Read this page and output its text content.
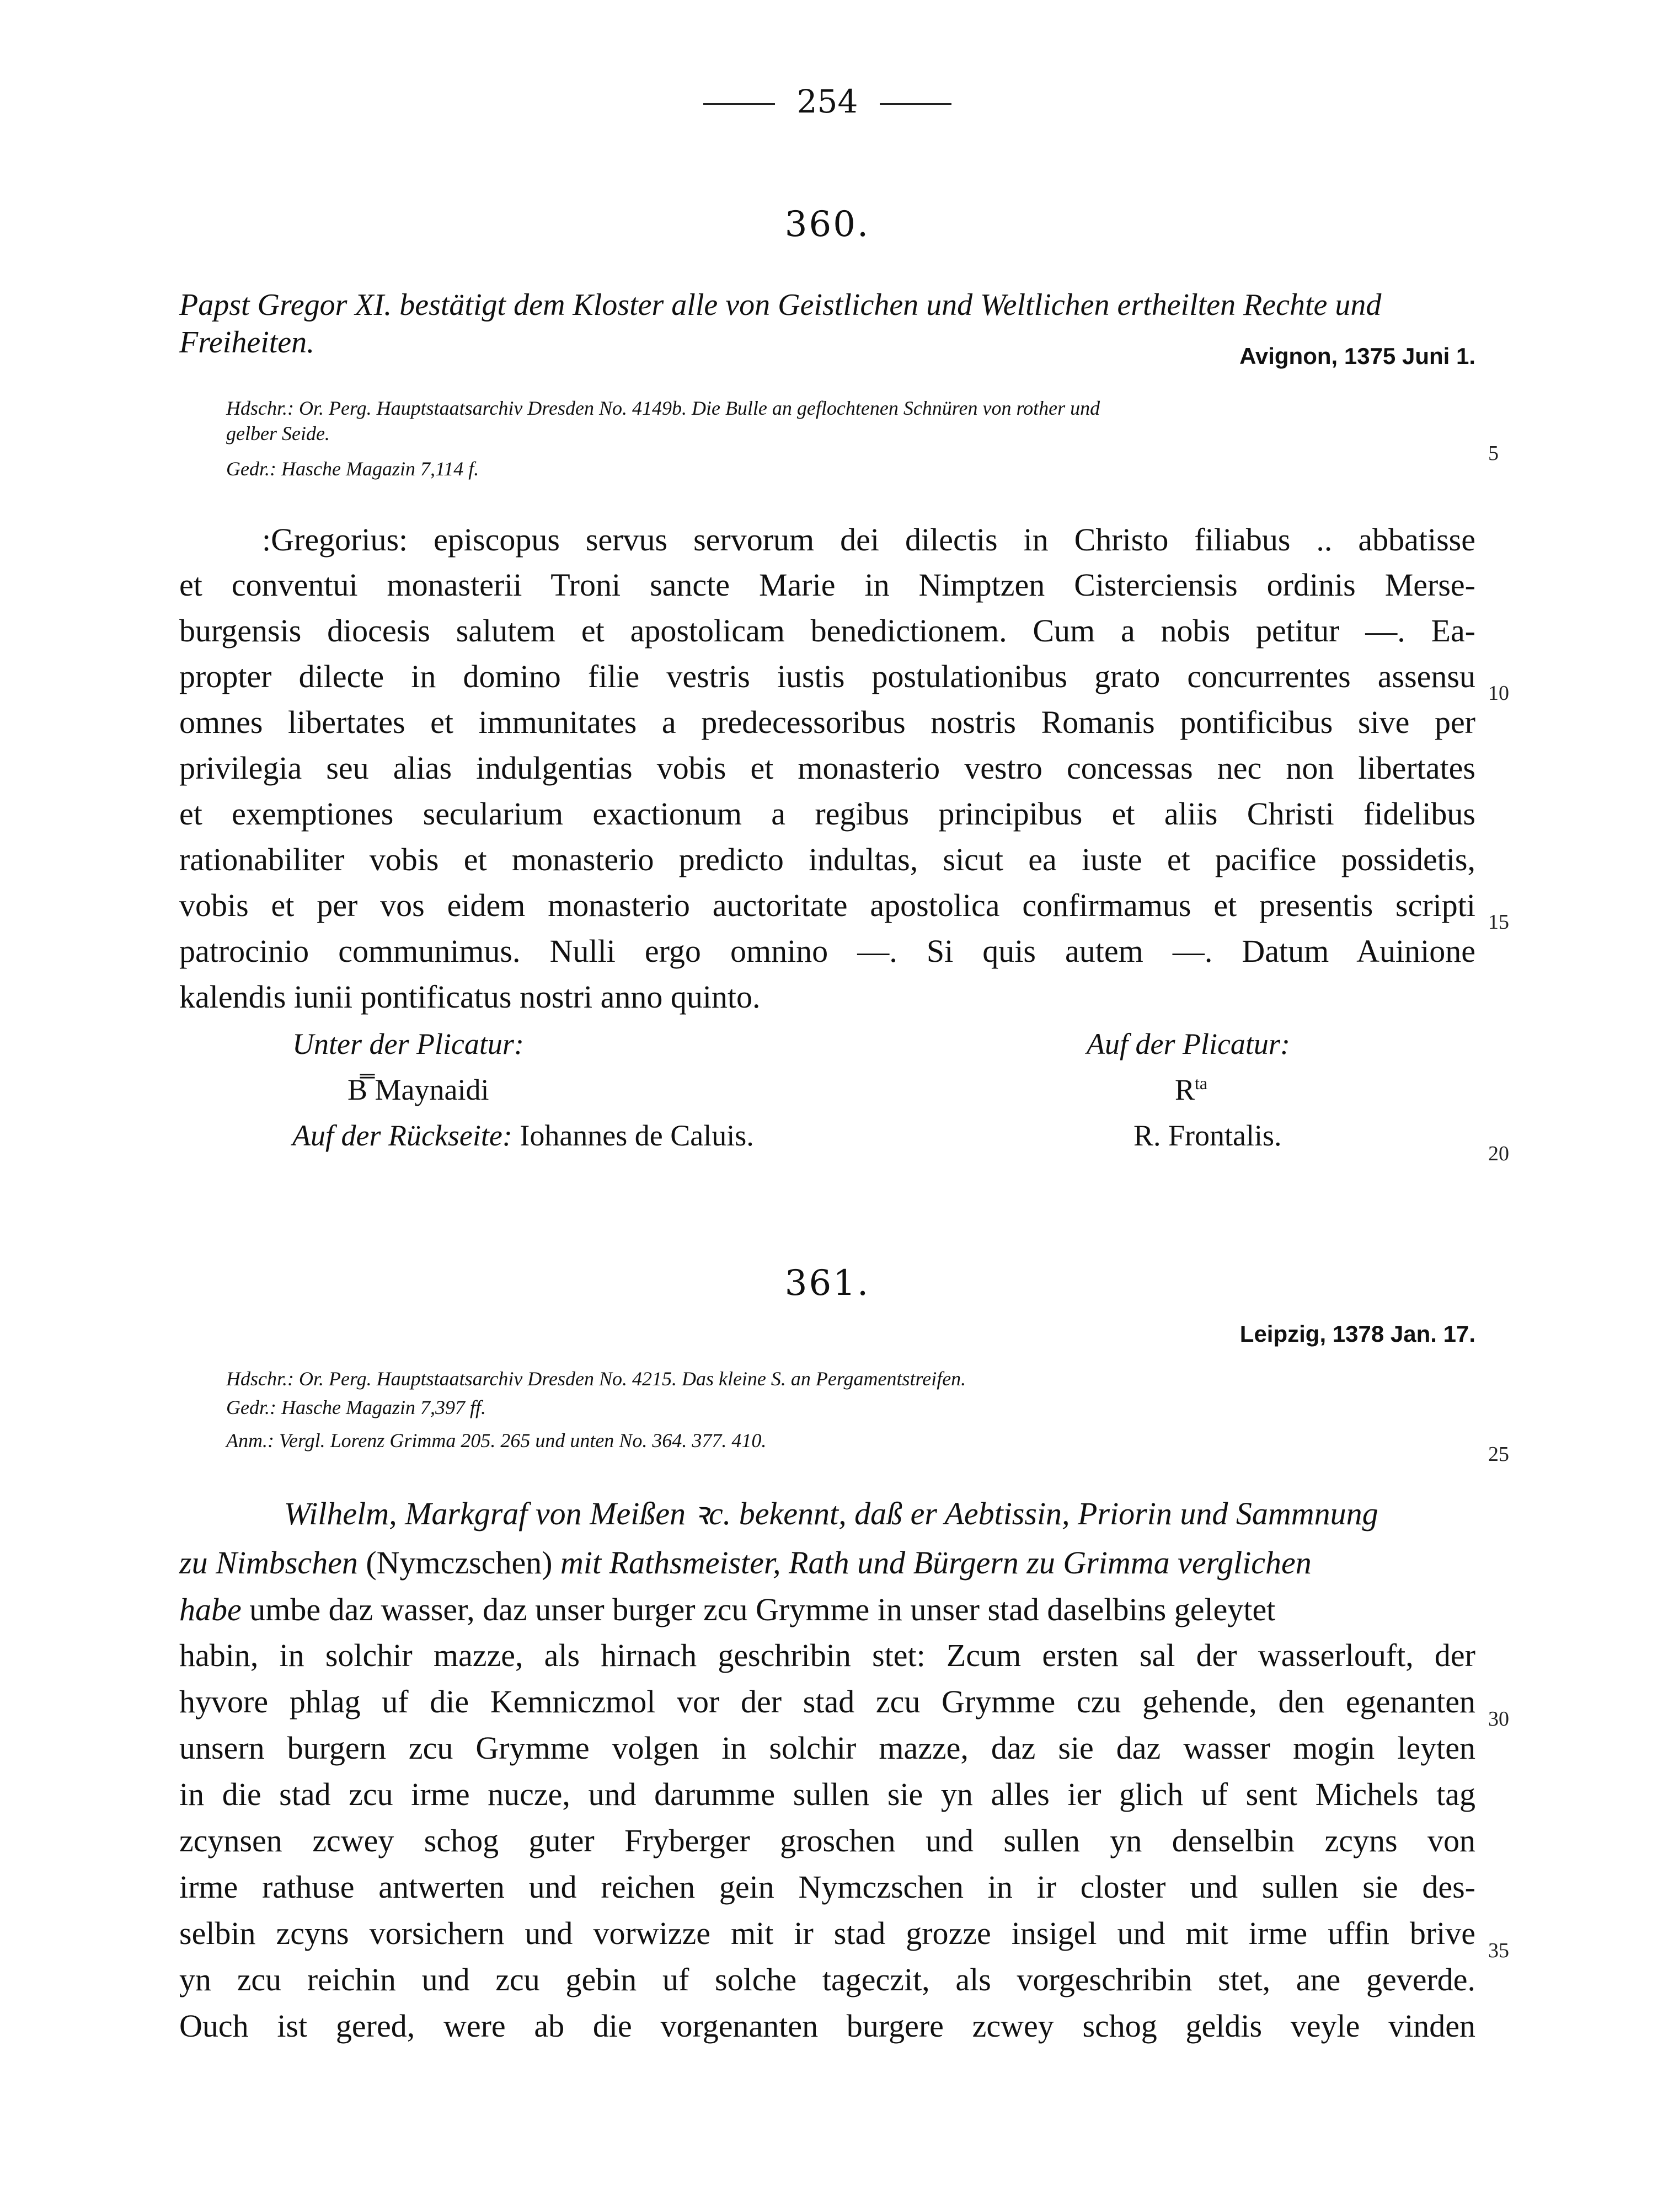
254
360.
Papst Gregor XI. bestätigt dem Kloster alle von Geistlichen und Weltlichen ertheilten Rechte und
Freiheiten.	Avignon, 1375 Juni 1.
Hdschr.: Or. Perg. Hauptstaatsarchiv Dresden No. 4149b. Die Bulle an geflochtenen Schnüren von rother und
gelber Seide.
Gedr.: Hasche Magazin 7,114 f.
:Gregorius: episcopus servus servorum dei dilectis in Christo filiabus .. abbatisse
et conventui monasterii Troni sancte Marie in Nimptzen Cisterciensis ordinis Merse-
burgensis diocesis salutem et apostolicam benedictionem. Cum a nobis petitur —. Ea-
propter dilecte in domino filie vestris iustis postulationibus grato concurrentes assensu
omnes libertates et immunitates a predecessoribus nostris Romanis pontificibus sive per
privilegia seu alias indulgentias vobis et monasterio vestro concessas nec non libertates
et exemptiones secularium exactionum a regibus principibus et aliis Christi fidelibus
rationabiliter vobis et monasterio predicto indultas, sicut ea iuste et pacifice possidetis,
vobis et per vos eidem monasterio auctoritate apostolica confirmamus et presentis scripti
patrocinio communimus. Nulli ergo omnino —. Si quis autem —. Datum Auinione
kalendis iunii pontificatus nostri anno quinto.
Unter der Plicatur:
B̿ Maynaidi
Auf der Rückseite: Iohannes de Caluis.
Auf der Plicatur:
$R^{ta}$
R. Frontalis.
361.
Leipzig, 1378 Jan. 17.
Hdschr.: Or. Perg. Hauptstaatsarchiv Dresden No. 4215. Das kleine S. an Pergamentstreifen.
Gedr.: Hasche Magazin 7,397 ff.
Anm.: Vergl. Lorenz Grimma 205. 265 und unten No. 364. 377. 410.
Wilhelm, Markgraf von Meißen ꝛc. bekennt, daß er Aebtissin, Priorin und Sammnung
zu Nimbschen (Nymczschen) mit Rathsmeister, Rath und Bürgern zu Grimma verglichen
habe umbe daz wasser, daz unser burger zcu Grymme in unser stad daselbins geleytet
habin, in solchir mazze, als hirnach geschribin stet: Zcum ersten sal der wasserlouft, der
hyvore phlag uf die Kemniczmol vor der stad zcu Grymme czu gehende, den egenanten
unsern burgern zcu Grymme volgen in solchir mazze, daz sie daz wasser mogin leyten
in die stad zcu irme nucze, und darumme sullen sie yn alles ier glich uf sent Michels tag
zcynsen zcwey schog guter Fryberger groschen und sullen yn denselbin zcyns von
irme rathuse antwerten und reichen gein Nymczschen in ir closter und sullen sie des-
selbin zcyns vorsichern und vorwizze mit ir stad grozze insigel und mit irme uffin brive
yn zcu reichin und zcu gebin uf solche tageczit, als vorgeschribin stet, ane geverde.
Ouch ist gered, were ab die vorgenanten burgere zcwey schog geldis veyle vinden
5
10
15
20
25
30
35
